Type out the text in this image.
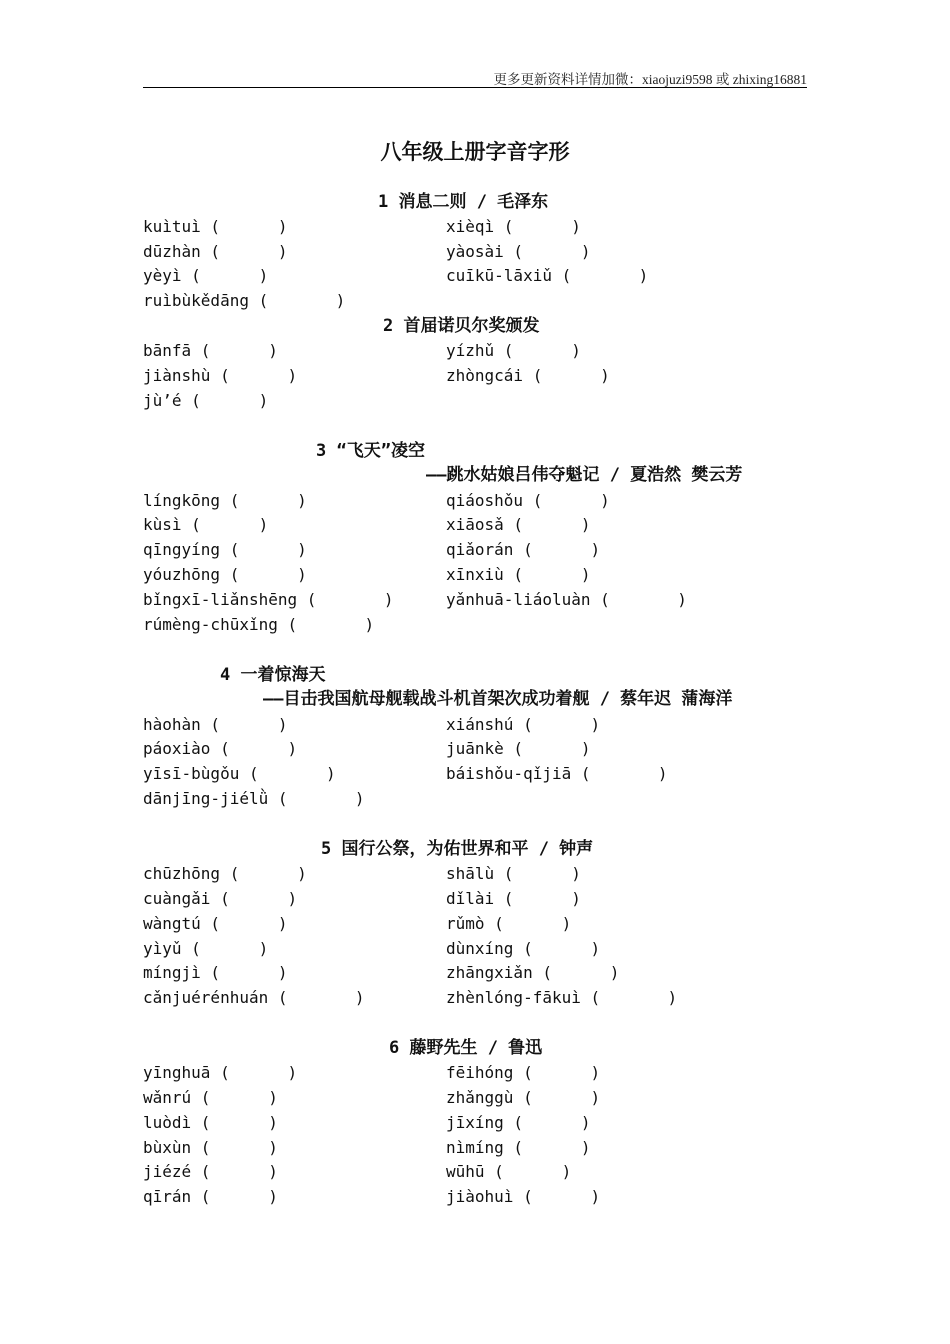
更多更新资料详情加微：xiaojuzi9598 或 zhixing16881
八年级上册字音字形
1 消息二则 / 毛泽东
kuìtuì (      )	xièqì (      )
dūzhàn (      )	yàosài (      )
yèyì (      )	cuīkū-lāxiǔ (       )
ruìbùkědāng (       )
2 首届诺贝尔奖颁发
bānfā (      )	yízhǔ (      )
jiànshù (      )	zhòngcái (      )
jù’é (      )
3 “飞天”凌空
——跳水姑娘吕伟夺魁记 / 夏浩然 樊云芳
língkōng (      )	qiáoshǒu (      )
kùsì (      )	xiāosǎ (      )
qīngyíng (      )	qiǎorán (      )
yóuzhōng (      )	xīnxiù (      )
bǐngxī-liǎnshēng (       )	yǎnhuā-liáoluàn (       )
rúmèng-chūxǐng (       )
4 一着惊海天
——目击我国航母舰载战斗机首架次成功着舰 / 蔡年迟 蒲海洋
hàohàn (      )	xiánshú (      )
páoxiào (      )	juānkè (      )
yīsī-bùgǒu (       )	báishǒu-qǐjiā (       )
dānjīng-jiélǜ (       )
5 国行公祭，为佑世界和平 / 钟声
chūzhōng (      )	shālù (      )
cuàngǎi (      )	dǐlài (      )
wàngtú (      )	rǔmò (      )
yìyǔ (      )	dùnxíng (      )
míngjì (      )	zhāngxiǎn (      )
cǎnjuérénhuán (       )	zhènlóng-fākuì (       )
6 藤野先生 / 鲁迅
yīnghuā (      )	fēihóng (      )
wǎnrú (      )	zhǎnggù (      )
luòdì (      )	jīxíng (      )
bùxùn (      )	nìmíng (      )
jiézé (      )	wūhū (      )
qīrán (      )	jiàohuì (      )
